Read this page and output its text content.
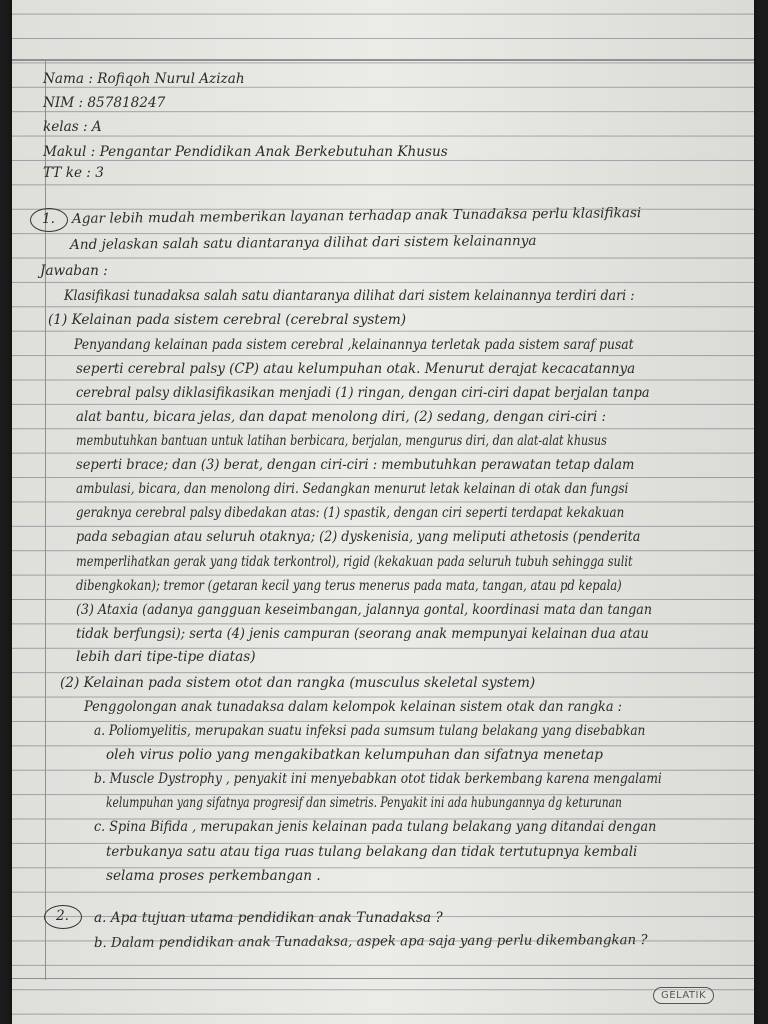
Nama : Rofiqoh Nurul Azizah
NIM : 857818247
kelas : A
Makul : Pengantar Pendidikan Anak Berkebutuhan Khusus
TT ke : 3
1. Agar lebih mudah memberikan layanan terhadap anak Tunadaksa perlu klasifikasi
And jelaskan salah satu diantaranya dilihat dari sistem kelainannya
Jawaban :
Klasifikasi tunadaksa salah satu diantaranya dilihat dari sistem kelainannya terdiri dari :
(1) Kelainan pada sistem cerebral (cerebral system)
Penyandang kelainan pada sistem cerebral ,kelainannya terletak pada sistem saraf pusat
seperti cerebral palsy (CP) atau kelumpuhan otak. Menurut derajat kecacatannya
cerebral palsy diklasifikasikan menjadi (1) ringan, dengan ciri-ciri dapat berjalan tanpa
alat bantu, bicara jelas, dan dapat menolong diri, (2) sedang, dengan ciri-ciri :
membutuhkan bantuan untuk latihan berbicara, berjalan, mengurus diri, dan alat-alat khusus
seperti brace; dan (3) berat, dengan ciri-ciri : membutuhkan perawatan tetap dalam
ambulasi, bicara, dan menolong diri. Sedangkan menurut letak kelainan di otak dan fungsi
geraknya cerebral palsy dibedakan atas: (1) spastik, dengan ciri seperti terdapat kekakuan
pada sebagian atau seluruh otaknya; (2) dyskenisia, yang meliputi athetosis (penderita
memperlihatkan gerak yang tidak terkontrol), rigid (kekakuan pada seluruh tubuh sehingga sulit
dibengkokan); tremor (getaran kecil yang terus menerus pada mata, tangan, atau pd kepala)
(3) Ataxia (adanya gangguan keseimbangan, jalannya gontal, koordinasi mata dan tangan
tidak berfungsi); serta (4) jenis campuran (seorang anak mempunyai kelainan dua atau
lebih dari tipe-tipe diatas)
(2) Kelainan pada sistem otot dan rangka (musculus skeletal system)
Penggolongan anak tunadaksa dalam kelompok kelainan sistem otak dan rangka :
a. Poliomyelitis, merupakan suatu infeksi pada sumsum tulang belakang yang disebabkan
oleh virus polio yang mengakibatkan kelumpuhan dan sifatnya menetap
b. Muscle Dystrophy , penyakit ini menyebabkan otot tidak berkembang karena mengalami
kelumpuhan yang sifatnya progresif dan simetris. Penyakit ini ada hubungannya dg keturunan
c. Spina Bifida , merupakan jenis kelainan pada tulang belakang yang ditandai dengan
terbukanya satu atau tiga ruas tulang belakang dan tidak tertutupnya kembali
selama proses perkembangan .
2. a. Apa tujuan utama pendidikan anak Tunadaksa ?
b. Dalam pendidikan anak Tunadaksa, aspek apa saja yang perlu dikembangkan ?
GELATIK
